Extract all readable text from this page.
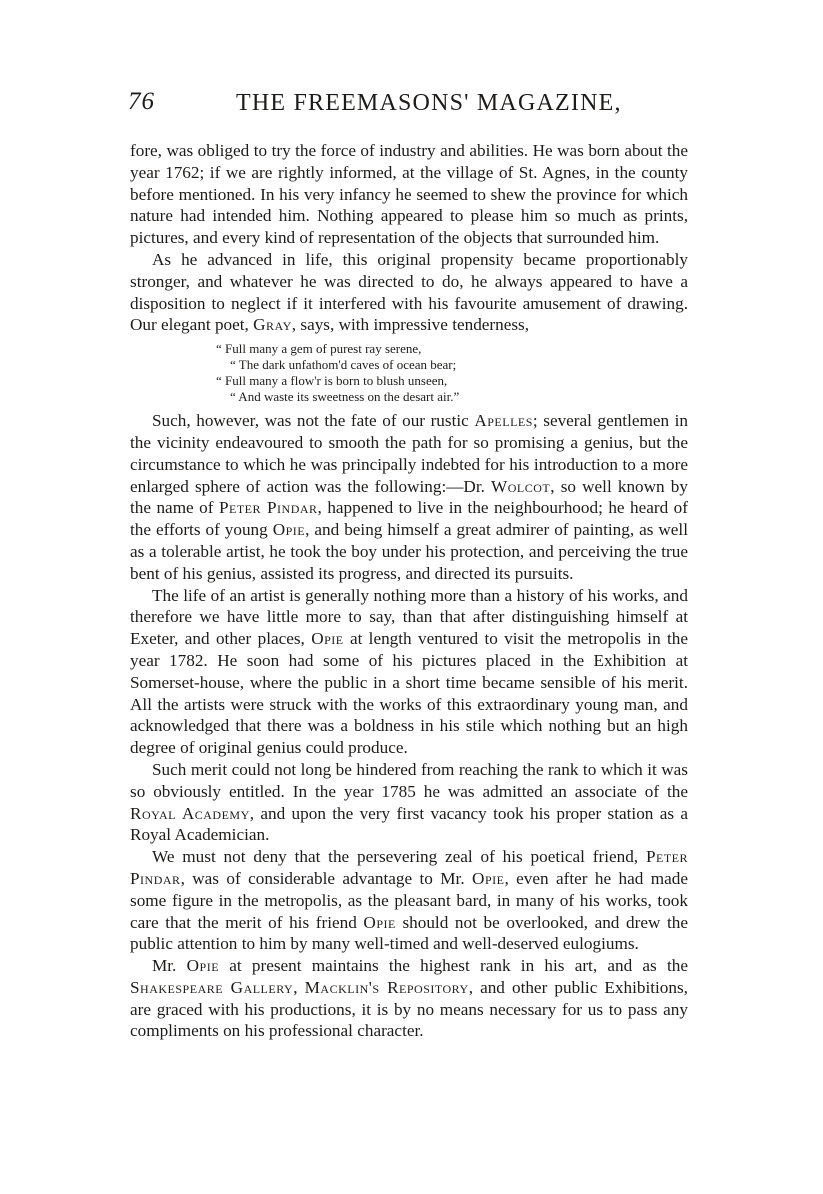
76	THE FREEMASONS' MAGAZINE,

fore, was obliged to try the force of industry and abilities. He was born about the year 1762; if we are rightly informed, at the village of St. Agnes, in the county before mentioned. In his very infancy he seemed to shew the province for which nature had intended him. Nothing appeared to please him so much as prints, pictures, and every kind of representation of the objects that surrounded him.

As he advanced in life, this original propensity became proportionably stronger, and whatever he was directed to do, he always appeared to have a disposition to neglect if it interfered with his favourite amusement of drawing. Our elegant poet, Gray, says, with impressive tenderness,

“ Full many a gem of purest ray serene,
“ The dark unfathom'd caves of ocean bear;
“ Full many a flow'r is born to blush unseen,
“ And waste its sweetness on the desart air.”

Such, however, was not the fate of our rustic Apelles; several gentlemen in the vicinity endeavoured to smooth the path for so promising a genius, but the circumstance to which he was principally indebted for his introduction to a more enlarged sphere of action was the following:—Dr. Wolcot, so well known by the name of Peter Pindar, happened to live in the neighbourhood; he heard of the efforts of young Opie, and being himself a great admirer of painting, as well as a tolerable artist, he took the boy under his protection, and perceiving the true bent of his genius, assisted its progress, and directed its pursuits.

The life of an artist is generally nothing more than a history of his works, and therefore we have little more to say, than that after distinguishing himself at Exeter, and other places, Opie at length ventured to visit the metropolis in the year 1782. He soon had some of his pictures placed in the Exhibition at Somerset-house, where the public in a short time became sensible of his merit. All the artists were struck with the works of this extraordinary young man, and acknowledged that there was a boldness in his stile which nothing but an high degree of original genius could produce.

Such merit could not long be hindered from reaching the rank to which it was so obviously entitled. In the year 1785 he was admitted an associate of the Royal Academy, and upon the very first vacancy took his proper station as a Royal Academician.

We must not deny that the persevering zeal of his poetical friend, Peter Pindar, was of considerable advantage to Mr. Opie, even after he had made some figure in the metropolis, as the pleasant bard, in many of his works, took care that the merit of his friend Opie should not be overlooked, and drew the public attention to him by many well-timed and well-deserved eulogiums.

Mr. Opie at present maintains the highest rank in his art, and as the Shakespeare Gallery, Macklin's Repository, and other public Exhibitions, are graced with his productions, it is by no means necessary for us to pass any compliments on his professional character.
